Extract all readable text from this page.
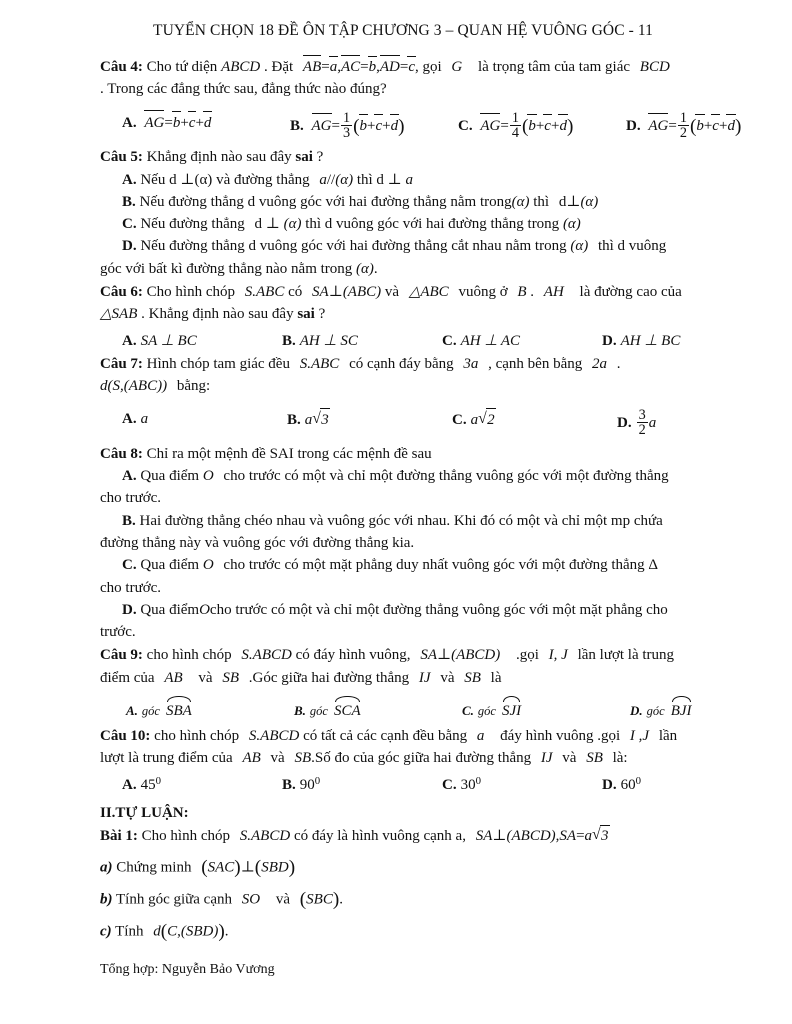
TUYỂN CHỌN 18 ĐỀ ÔN TẬP CHƯƠNG 3 – QUAN HỆ VUÔNG GÓC - 11
Câu 4: Cho tứ diện ABCD . Đặt AB=a,AC=b,AD=c, gọi G là trọng tâm của tam giác BCD
. Trong các đẳng thức sau, đẳng thức nào đúng?
A. AG=b+c+d	B. $AG= \frac{1}{3} (b+c+d)$	C. $AG= \frac{1}{4} (b+c+d)$	D. $AG= \frac{1}{2} (b+c+d)$
Câu 5: Khẳng định nào sau đây sai ?
A. Nếu d ⊥(α) và đường thẳng a//(α) thì d ⊥ a
B. Nếu đường thẳng d vuông góc với hai đường thẳng nằm trong(α) thì d⊥(α)
C. Nếu đường thẳng d ⊥ (α) thì d vuông góc với hai đường thẳng trong (α)
D. Nếu đường thẳng d vuông góc với hai đường thẳng cắt nhau nằm trong (α) thì d vuông
góc với bất kì đường thẳng nào nằm trong (α).
Câu 6: Cho hình chóp S.ABC có SA⊥(ABC) và △ABC vuông ở B . AH là đường cao của
△SAB . Khẳng định nào sau đây sai ?
A. SA ⊥ BC	B. AH ⊥ SC	C. AH ⊥ AC	D. AH ⊥ BC
Câu 7: Hình chóp tam giác đều S.ABC có cạnh đáy bằng 3a , cạnh bên bằng 2a .
d(S,(ABC)) bằng:
A. a	B. a √ 3	C. a √ 2	D. $\frac{3}{2}$ a
Câu 8: Chỉ ra một mệnh đề SAI trong các mệnh đề sau
A. Qua điểm O cho trước có một và chỉ một đường thẳng vuông góc với một đường thẳng
cho trước.
B. Hai đường thẳng chéo nhau và vuông góc với nhau. Khi đó có một và chỉ một mp chứa
đường thẳng này và vuông góc với đường thẳng kia.
C. Qua điểm O cho trước có một mặt phẳng duy nhất vuông góc với một đường thẳng Δ
cho trước.
D. Qua điểmOcho trước có một và chỉ một đường thẳng vuông góc với một mặt phẳng cho
trước.
Câu 9: cho hình chóp S.ABCD có đáy hình vuông, SA⊥(ABCD) .gọi I, J lần lượt là trung
điểm của AB và SB .Góc giữa hai đường thẳng IJ và SB là
A. góc SBA	B. góc SCA	C. góc SJI	D. góc BJI
Câu 10: cho hình chóp S.ABCD có tất cả các cạnh đều bằng a đáy hình vuông .gọi I ,J lần
lượt là trung điểm của AB và SB.Số đo của góc giữa hai đường thẳng IJ và SB là:
A. $45^0$	B. $90^0$	C. $30^0$	D. $60^0$
II.TỰ LUẬN:
Bài 1: Cho hình chóp S.ABCD có đáy là hình vuông cạnh a, SA⊥(ABCD),SA=a √ 3
a) Chứng minh (SAC)⊥(SBD)
b) Tính góc giữa cạnh SO và (SBC).
c) Tính d(C,(SBD)).
Tổng hợp: Nguyễn Bảo Vương
